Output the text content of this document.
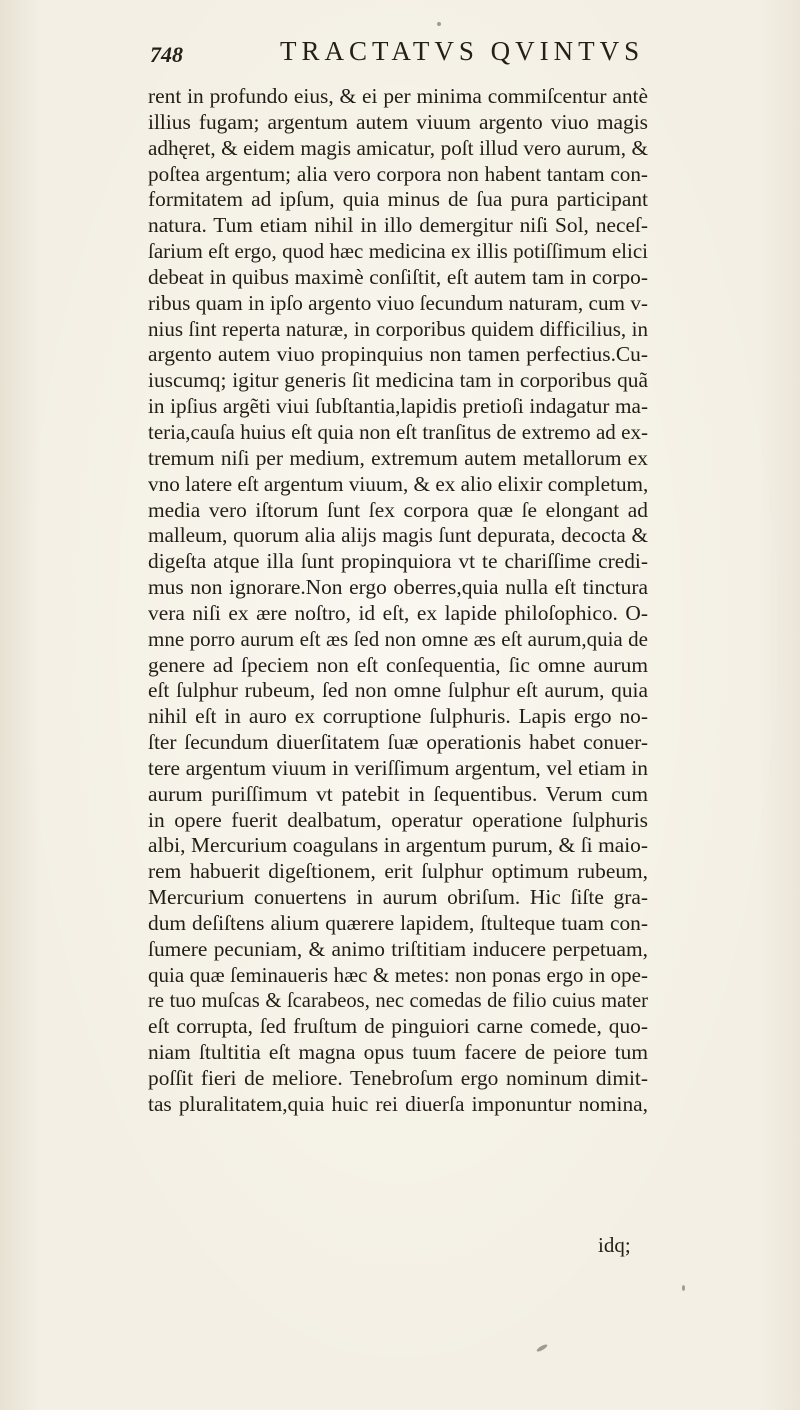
748	TRACTATVS QVINTVS
rent in profundo eius, & ei per minima commiſcentur antè
illius fugam; argentum autem viuum argento viuo magis
adhęret, & eidem magis amicatur, poſt illud vero aurum, &
poſtea argentum; alia vero corpora non habent tantam con-
formitatem ad ipſum, quia minus de ſua pura participant
natura. Tum etiam nihil in illo demergitur niſi Sol, neceſ-
ſarium eſt ergo, quod hæc medicina ex illis potiſſimum elici
debeat in quibus maximè conſiſtit, eſt autem tam in corpo-
ribus quam in ipſo argento viuo ſecundum naturam, cum v-
nius ſint reperta naturæ, in corporibus quidem difficilius, in
argento autem viuo propinquius non tamen perfectius.Cu-
iuscumq; igitur generis ſit medicina tam in corporibus quã
in ipſius argẽti viui ſubſtantia,lapidis pretioſi indagatur ma-
teria,cauſa huius eſt quia non eſt tranſitus de extremo ad ex-
tremum niſi per medium, extremum autem metallorum ex
vno latere eſt argentum viuum, & ex alio elixir completum,
media vero iſtorum ſunt ſex corpora quæ ſe elongant ad
malleum, quorum alia alijs magis ſunt depurata, decocta &
digeſta atque illa ſunt propinquiora vt te chariſſime credi-
mus non ignorare.Non ergo oberres,quia nulla eſt tinctura
vera niſi ex ære noſtro, id eſt, ex lapide philoſophico. O-
mne porro aurum eſt æs ſed non omne æs eſt aurum,quia de
genere ad ſpeciem non eſt conſequentia, ſic omne aurum
eſt ſulphur rubeum, ſed non omne ſulphur eſt aurum, quia
nihil eſt in auro ex corruptione ſulphuris. Lapis ergo no-
ſter ſecundum diuerſitatem ſuæ operationis habet conuer-
tere argentum viuum in veriſſimum argentum, vel etiam in
aurum puriſſimum vt patebit in ſequentibus. Verum cum
in opere fuerit dealbatum, operatur operatione ſulphuris
albi, Mercurium coagulans in argentum purum, & ſi maio-
rem habuerit digeſtionem, erit ſulphur optimum rubeum,
Mercurium conuertens in aurum obriſum. Hic ſiſte gra-
dum deſiſtens alium quærere lapidem, ſtulteque tuam con-
ſumere pecuniam, & animo triſtitiam inducere perpetuam,
quia quæ ſeminaueris hæc & metes: non ponas ergo in ope-
re tuo muſcas & ſcarabeos, nec comedas de filio cuius mater
eſt corrupta, ſed fruſtum de pinguiori carne comede, quo-
niam ſtultitia eſt magna opus tuum facere de peiore tum
poſſit fieri de meliore. Tenebroſum ergo nominum dimit-
tas pluralitatem,quia huic rei diuerſa imponuntur nomina,
idq;
